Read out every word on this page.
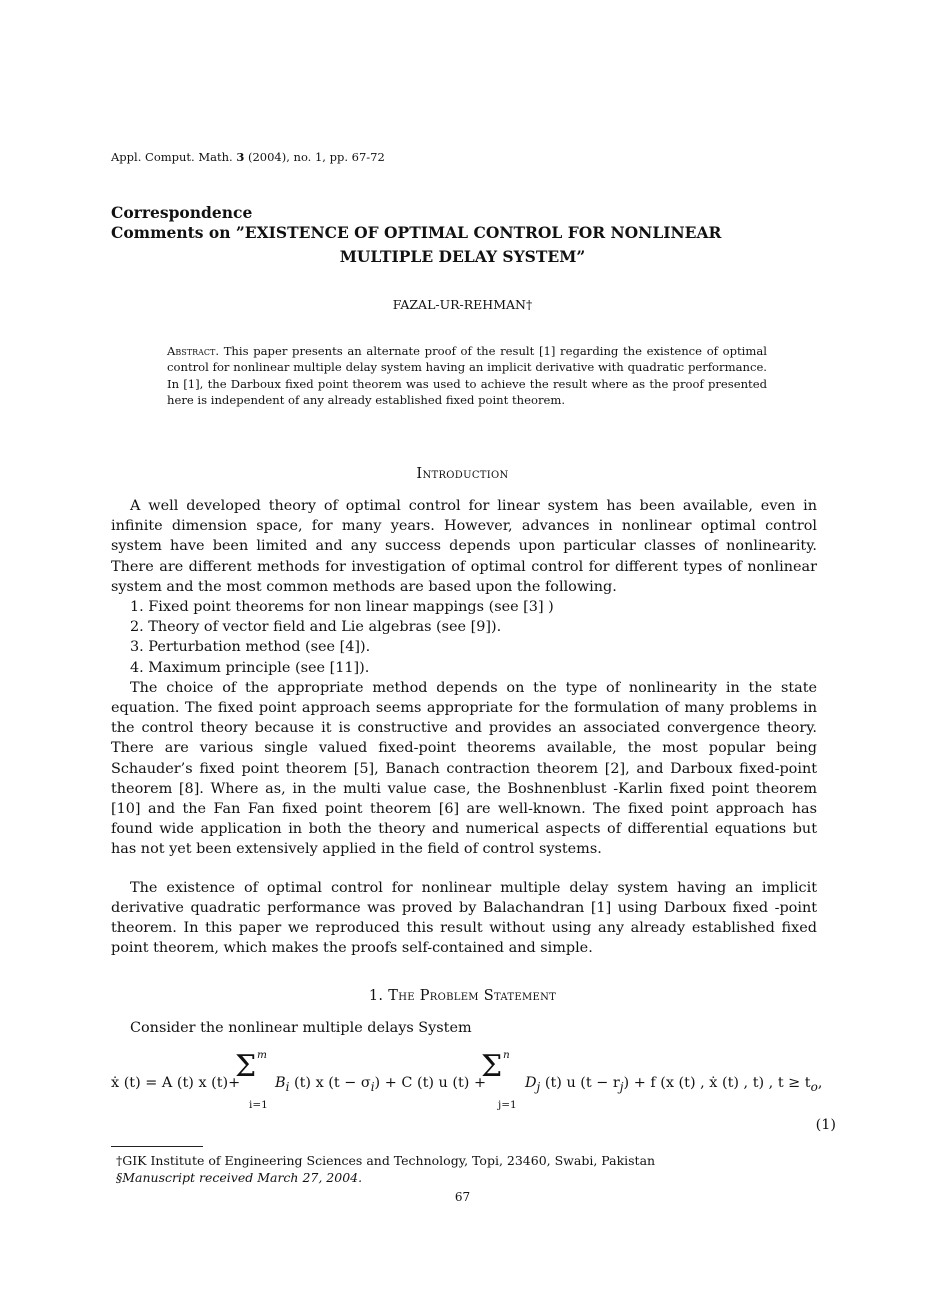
Appl. Comput. Math. 3 (2004), no. 1, pp. 67-72
Correspondence
Comments on ”EXISTENCE OF OPTIMAL CONTROL FOR NONLINEAR
MULTIPLE DELAY SYSTEM”
FAZAL-UR-REHMAN†
Abstract. This paper presents an alternate proof of the result [1] regarding the existence of optimal control for nonlinear multiple delay system having an implicit derivative with quadratic performance. In [1], the Darboux fixed point theorem was used to achieve the result where as the proof presented here is independent of any already established fixed point theorem.
Introduction

A well developed theory of optimal control for linear system has been available, even in infinite dimension space, for many years. However, advances in nonlinear optimal control system have been limited and any success depends upon particular classes of nonlinearity. There are different methods for investigation of optimal control for different types of nonlinear system and the most common methods are based upon the following.

1. Fixed point theorems for non linear mappings (see [3] )

2. Theory of vector field and Lie algebras (see [9]).

3. Perturbation method (see [4]).

4. Maximum principle (see [11]).

The choice of the appropriate method depends on the type of nonlinearity in the state equation. The fixed point approach seems appropriate for the formulation of many problems in the control theory because it is constructive and provides an associated convergence theory. There are various single valued fixed-point theorems available, the most popular being Schauder’s fixed point theorem [5], Banach contraction theorem [2], and Darboux fixed-point theorem [8]. Where as, in the multi value case, the Boshnenblust -Karlin fixed point theorem [10] and the Fan Fan fixed point theorem [6] are well-known. The fixed point approach has found wide application in both the theory and numerical aspects of differential equations but has not yet been extensively applied in the field of control systems.

The existence of optimal control for nonlinear multiple delay system having an implicit derivative quadratic performance was proved by Balachandran [1] using Darboux fixed -point theorem. In this paper we reproduced this result without using any already established fixed point theorem, which makes the proofs self-contained and simple.

1. The Problem Statement
Consider the nonlinear multiple delays System
ẋ (t) = A (t) x (t)+
Σ m
i=1
$B_i$ (t) x $(t - \sigma_i) + C$ (t) u (t) +
Σ n
j=1
$D_j$ (t) u $(t - r_j) + f$ (x (t) , ẋ (t) , t) , $t \ge t_o$,
(1)
†GIK Institute of Engineering Sciences and Technology, Topi, 23460, Swabi, Pakistan
§Manuscript received March 27, 2004.
67
